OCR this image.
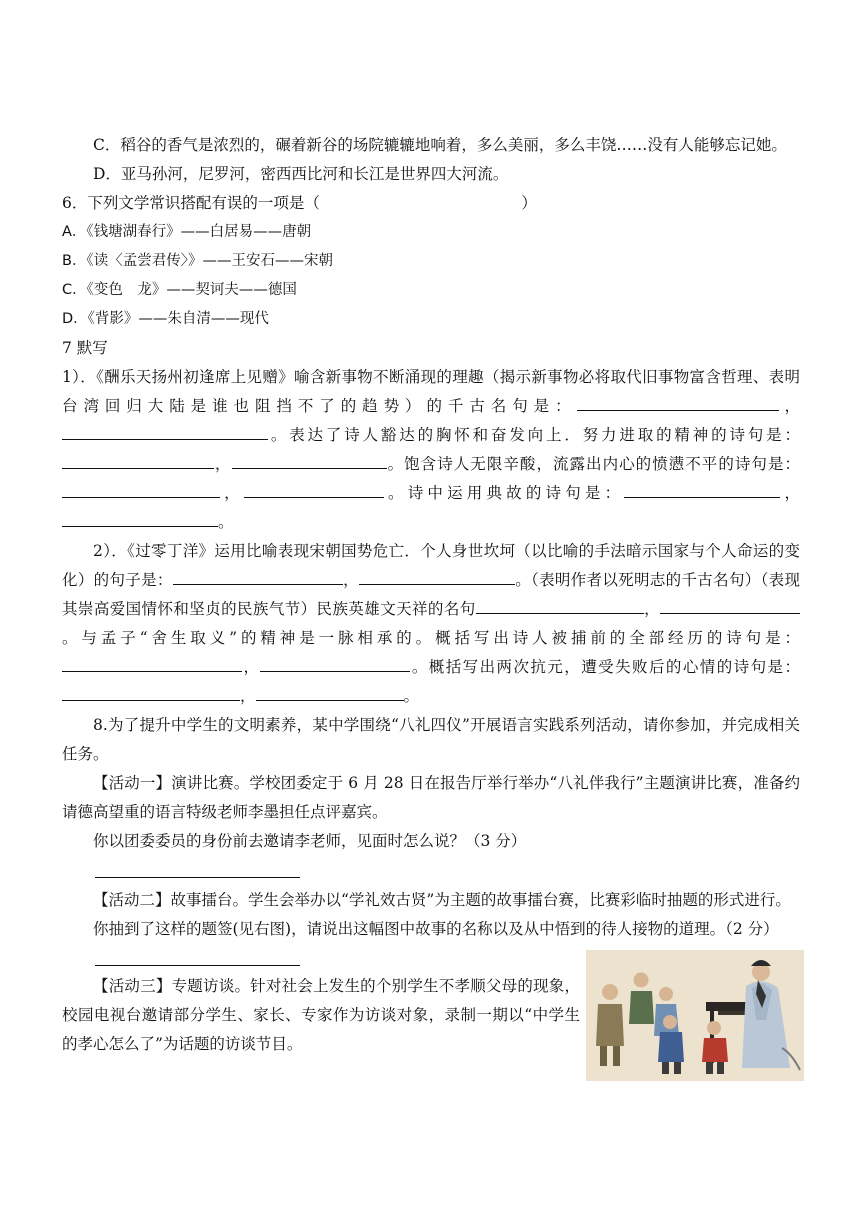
C．稻谷的香气是浓烈的，碾着新谷的场院辘辘地响着，多么美丽，多么丰饶……没有人能够忘记她。

D．亚马孙河，尼罗河，密西西比河和长江是世界四大河流。

6．下列文学常识搭配有误的一项是（　　　　　　　　　　　　　）

A．《钱塘湖春行》——白居易——唐朝

B．《读〈孟尝君传〉》——王安石——宋朝

C．《变色　龙》——契诃夫——德国

D．《背影》——朱自清——现代

7 默写

1）．《酬乐天扬州初逢席上见赠》喻含新事物不断涌现的理趣（揭示新事物必将取代旧事物富含哲理、表明台湾回归大陆是谁也阻挡不了的趋势）的千古名句是：	，。表达了诗人豁达的胸怀和奋发向上．努力进取的精神的诗句是：，	。饱含诗人无限辛酸，流露出内心的愤懑不平的诗句是：，	。诗中运用典故的诗句是：	，。

2）．《过零丁洋》运用比喻表现宋朝国势危亡．个人身世坎坷（以比喻的手法暗示国家与个人命运的变化）的句子是：	，	。（表明作者以死明志的千古名句）（表现其崇高爱国情怀和坚贞的民族气节）民族英雄文天祥的名句	，。与孟子“舍生取义”的精神是一脉相承的。概括写出诗人被捕前的全部经历的诗句是：，	。概括写出两次抗元，遭受失败后的心情的诗句是：，	。

8.为了提升中学生的文明素养，某中学围绕“八礼四仪”开展语言实践系列活动，请你参加，并完成相关任务。

【活动一】演讲比赛。学校团委定于 6 月 28 日在报告厅举行举办“八礼伴我行”主题演讲比赛，准备约请德高望重的语言特级老师李墨担任点评嘉宾。

你以团委委员的身份前去邀请李老师，见面时怎么说？（3 分）

【活动二】故事擂台。学生会举办以“学礼效古贤”为主题的故事擂台赛，比赛彩临时抽题的形式进行。

你抽到了这样的题签(见右图)，请说出这幅图中故事的名称以及从中悟到的待人接物的道理。（2 分）

【活动三】专题访谈。针对社会上发生的个别学生不孝顺父母的现象，校园电视台邀请部分学生、家长、专家作为访谈对象，录制一期以“中学生的孝心怎么了”为话题的访谈节目。
